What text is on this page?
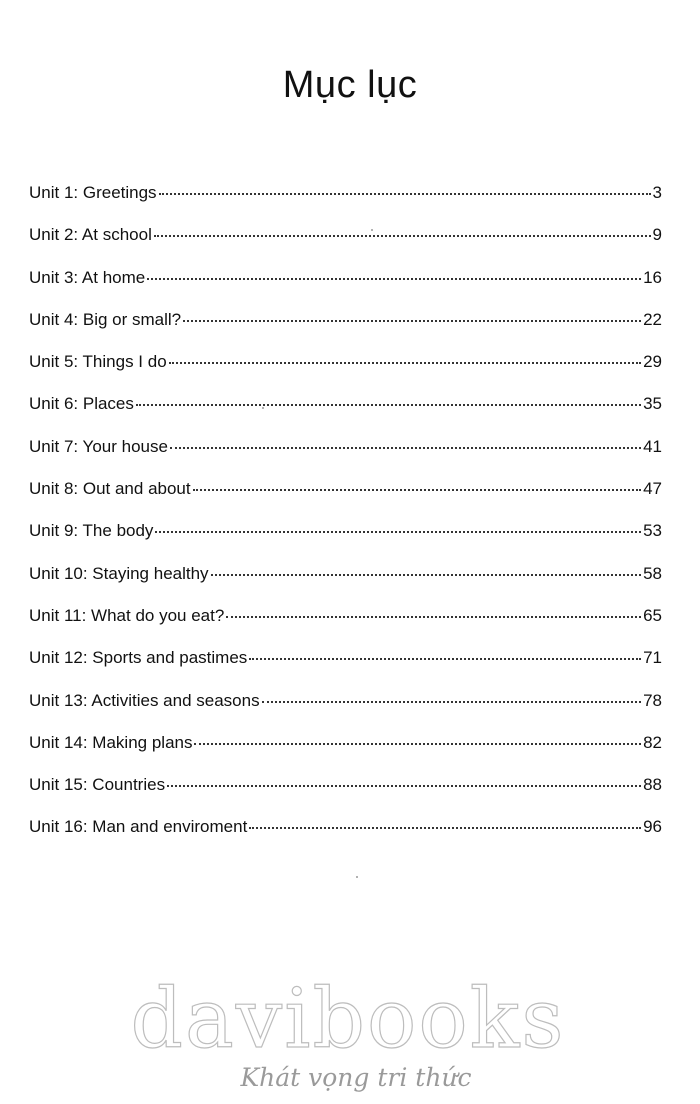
Mục lục
Unit 1: Greetings	3
Unit 2: At school	9
Unit 3: At home	16
Unit 4: Big or small?	22
Unit 5: Things I do	29
Unit 6: Places	35
Unit 7: Your house	41
Unit 8: Out and about	47
Unit 9: The body	53
Unit 10: Staying healthy	58
Unit 11: What do you eat?	65
Unit 12: Sports and pastimes	71
Unit 13: Activities and seasons	78
Unit 14: Making plans	82
Unit 15: Countries	88
Unit 16: Man and enviroment	96
davibooks
Khát vọng tri thức
